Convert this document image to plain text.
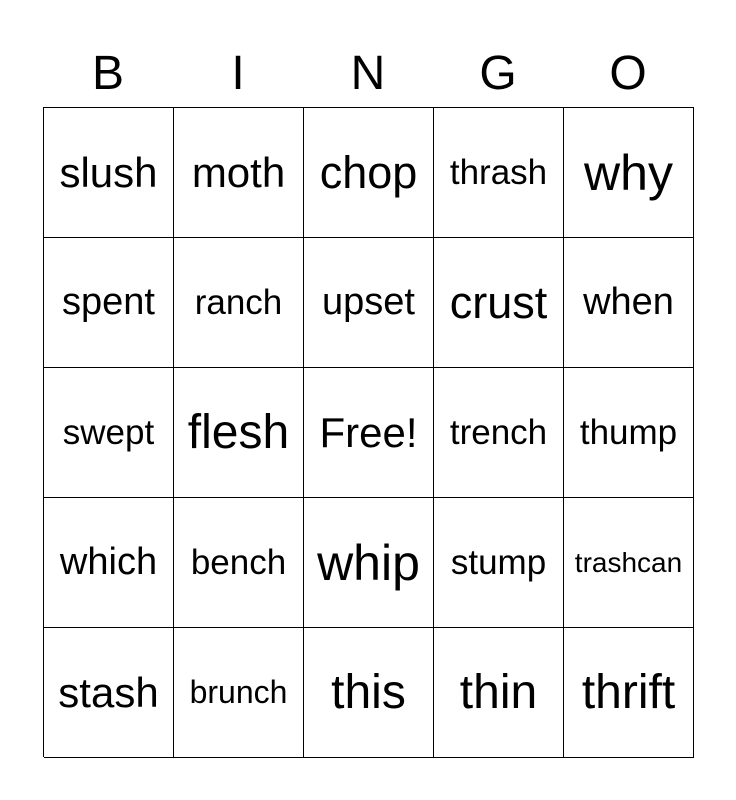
B	I	N	G	O
slush moth chop thrash why
spent	ranch	upset crust when
swept flesh Free! trench thump
which bench whip stump	trashcan
stash brunch this	thin thrift
